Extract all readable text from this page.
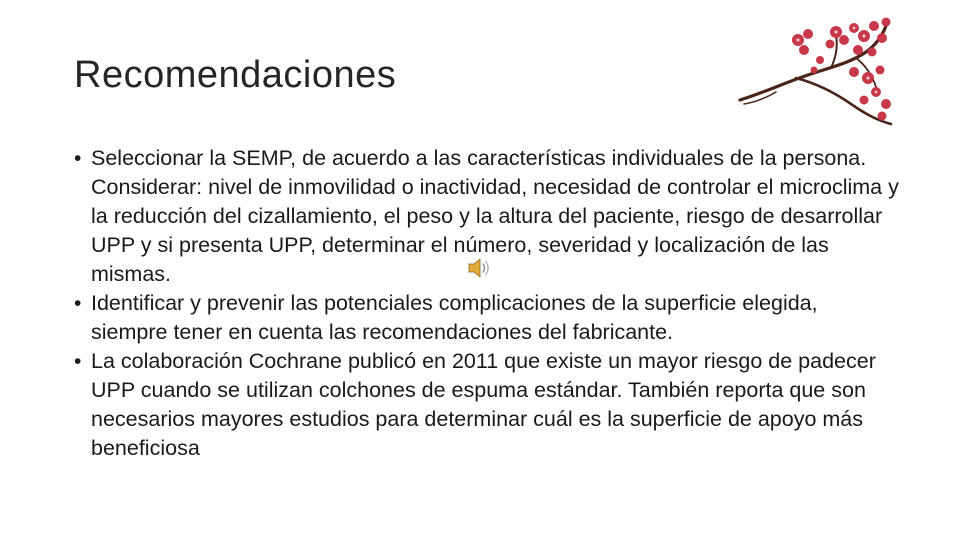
Recomendaciones
• Seleccionar la SEMP, de acuerdo a las características individuales de la persona. Considerar: nivel de inmovilidad o inactividad, necesidad de controlar el microclima y la reducción del cizallamiento, el peso y la altura del paciente, riesgo de desarrollar UPP y si presenta UPP, determinar el número, severidad y localización de las mismas.
• Identificar y prevenir las potenciales complicaciones de la superficie elegida, siempre tener en cuenta las recomendaciones del fabricante.
• La colaboración Cochrane publicó en 2011 que existe un mayor riesgo de padecer UPP cuando se utilizan colchones de espuma estándar. También reporta que son necesarios mayores estudios para determinar cuál es la superficie de apoyo más beneficiosa
